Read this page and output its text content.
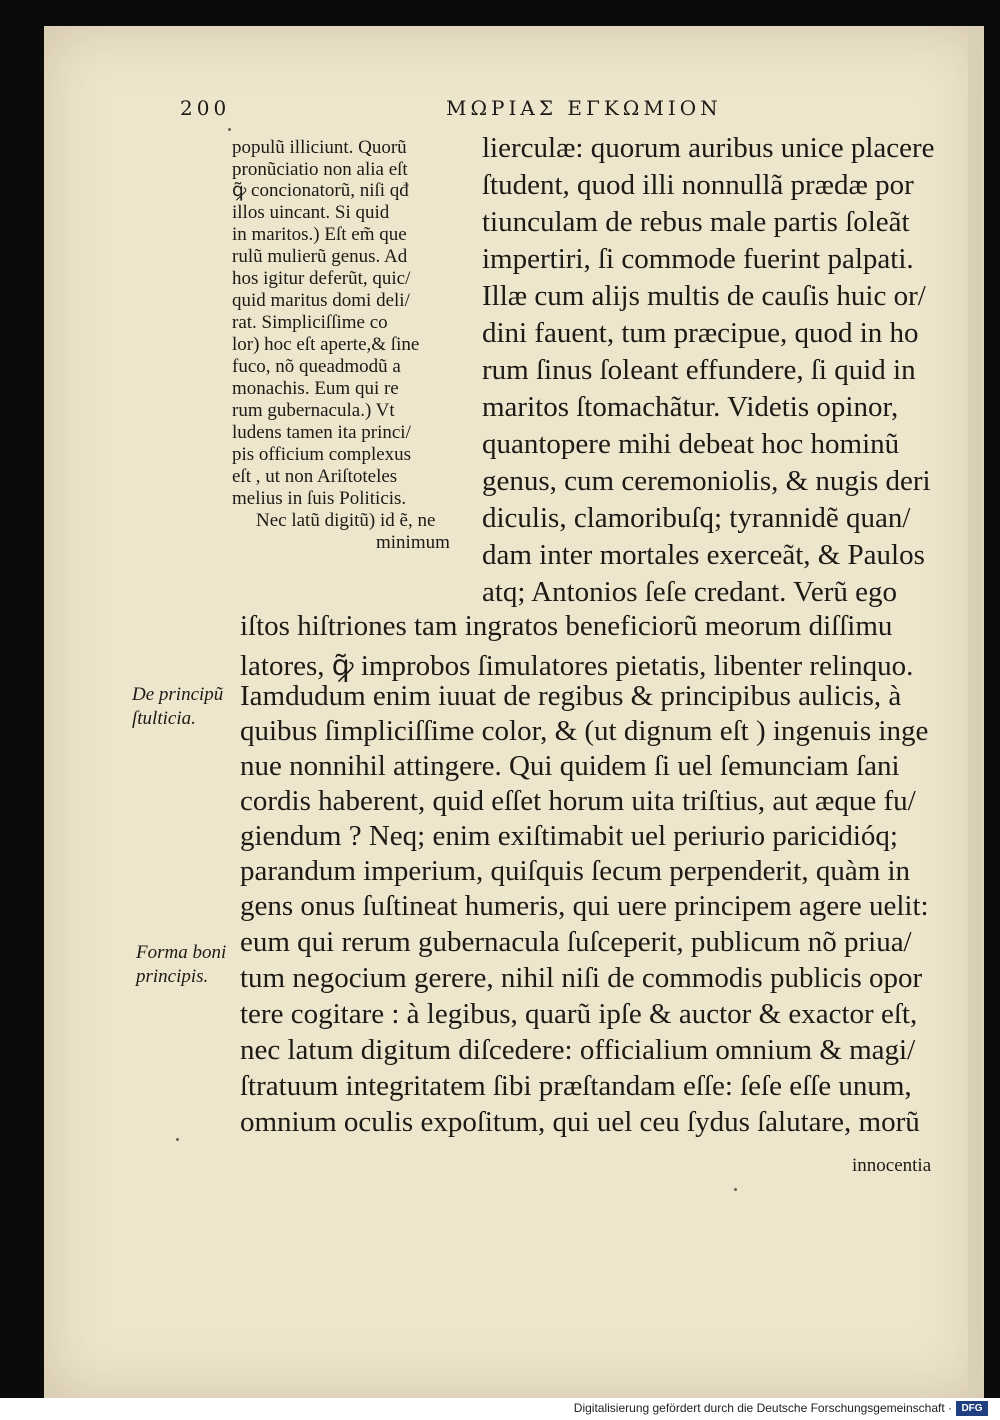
200	ΜΩΡΙΑΣ ΕΓΚΩΜΙΟΝ
populũ illiciunt. Quorũ
pronũciatio non alia eſt
ꝙ̃ concionatorũ, niſi qđ
illos uincant. Si quid
in maritos.) Eſt em̃ que
rulũ mulierũ genus. Ad
hos igitur deferũt, quic/
quid maritus domi deli/
rat. Simpliciſſime co
lor) hoc eſt aperte,& ſine
fuco, nõ queadmodũ a
monachis. Eum qui re
rum gubernacula.) Vt
ludens tamen ita princi/
pis officium complexus
eſt , ut non Ariſtoteles
melius in ſuis Politicis.
Nec latũ digitũ) id ẽ, ne
minimum
lierculæ: quorum auribus unice placere
ſtudent, quod illi nonnullã prædæ por
tiunculam de rebus male partis ſoleãt
impertiri, ſi commode fuerint palpati.
Illæ cum alijs multis de cauſis huic or/
dini fauent, tum præcipue, quod in ho
rum ſinus ſoleant effundere, ſi quid in
maritos ſtomachãtur. Videtis opinor,
quantopere mihi debeat hoc hominũ
genus, cum ceremoniolis, & nugis deri
diculis, clamoribuſq; tyrannidẽ quan/
dam inter mortales exerceãt, & Paulos
atq; Antonios ſeſe credant. Verũ ego
iſtos hiſtriones tam ingratos beneficiorũ meorum diſſimu
latores, ꝙ̃ improbos ſimulatores pietatis, libenter relinquo.
Iamdudum enim iuuat de regibus & principibus aulicis, à
quibus ſimpliciſſime color, & (ut dignum eſt ) ingenuis inge
nue nonnihil attingere. Qui quidem ſi uel ſemunciam ſani
cordis haberent, quid eſſet horum uita triſtius, aut æque fu/
giendum ? Neq; enim exiſtimabit uel periurio paricidióq;
parandum imperium, quiſquis ſecum perpenderit, quàm in
gens onus ſuſtineat humeris, qui uere principem agere uelit:
eum qui rerum gubernacula ſuſceperit, publicum nõ priua/
tum negocium gerere, nihil niſi de commodis publicis opor
tere cogitare : à legibus, quarũ ipſe & auctor & exactor eſt,
nec latum digitum diſcedere: officialium omnium & magi/
ſtratuum integritatem ſibi præſtandam eſſe: ſeſe eſſe unum,
omnium oculis expoſitum, qui uel ceu ſydus ſalutare, morũ
innocentia
De principũ
ſtulticia.
Forma boni
principis.
Digitalisierung gefördert durch die Deutsche Forschungsgemeinschaft · DFG
